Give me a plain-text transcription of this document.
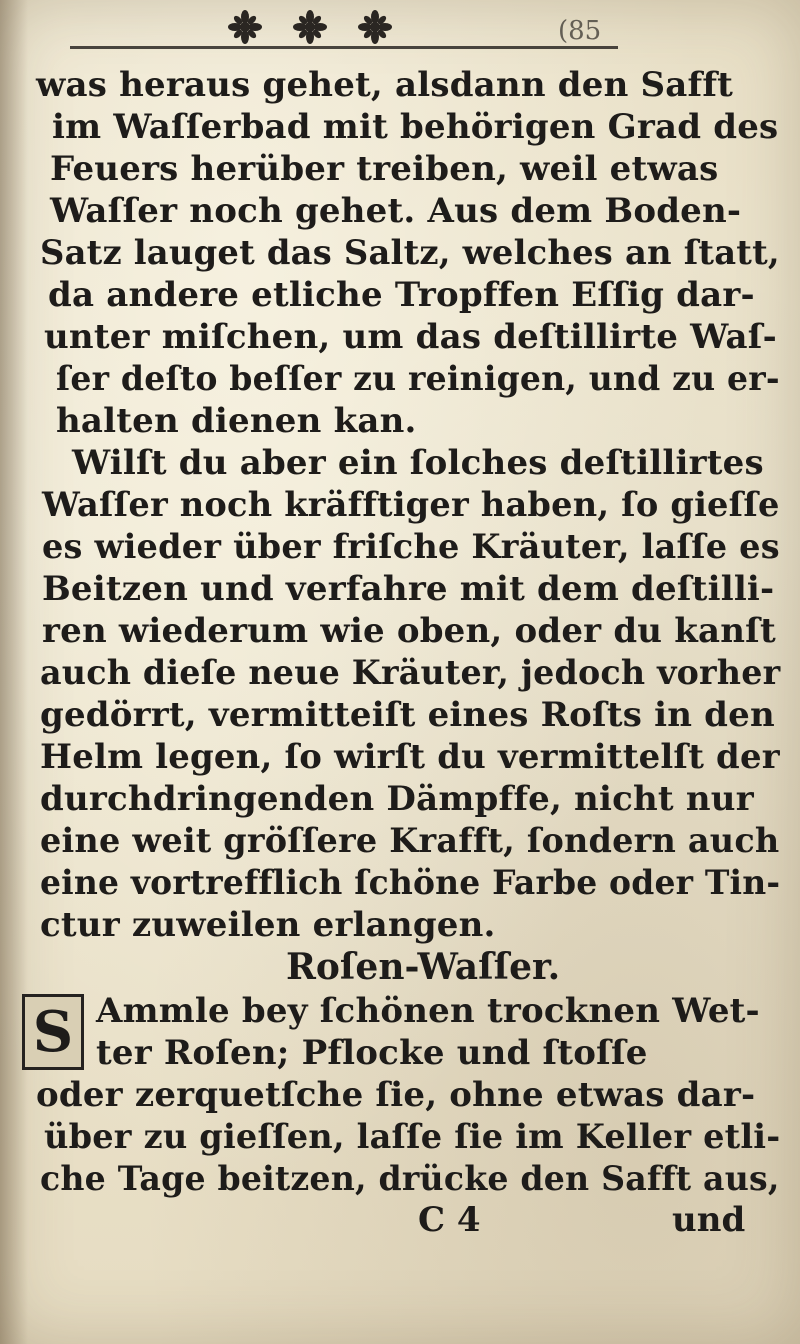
(85

was heraus gehet, alsdann den Safft

im Waſſerbad mit behörigen Grad des

Feuers herüber treiben, weil etwas

Waſſer noch gehet. Aus dem Boden-

Satz lauget das Saltz, welches an ſtatt,

da andere etliche Tropffen Eſſig dar-

unter miſchen, um das deſtillirte Waſ-

ſer deſto beſſer zu reinigen, und zu er-

halten dienen kan.

Wilſt du aber ein ſolches deſtillirtes

Waſſer noch kräfftiger haben, ſo gieſſe

es wieder über friſche Kräuter, laſſe es

Beitzen und verfahre mit dem deſtilli-

ren wiederum wie oben, oder du kanſt

auch dieſe neue Kräuter, jedoch vorher

gedörrt, vermitteiſt eines Roſts in den

Helm legen, ſo wirſt du vermittelſt der

durchdringenden Dämpffe, nicht nur

eine weit gröſſere Krafft, ſondern auch

eine vortrefflich ſchöne Farbe oder Tin-

ctur zuweilen erlangen.

Roſen-Waſſer.

S Ammle bey ſchönen trocknen Wet-

ter Roſen; Pflocke und ſtoſſe

oder zerquetſche ſie, ohne etwas dar-

über zu gieſſen, laſſe ſie im Keller etli-

che Tage beitzen, drücke den Safft aus,

C 4	und
